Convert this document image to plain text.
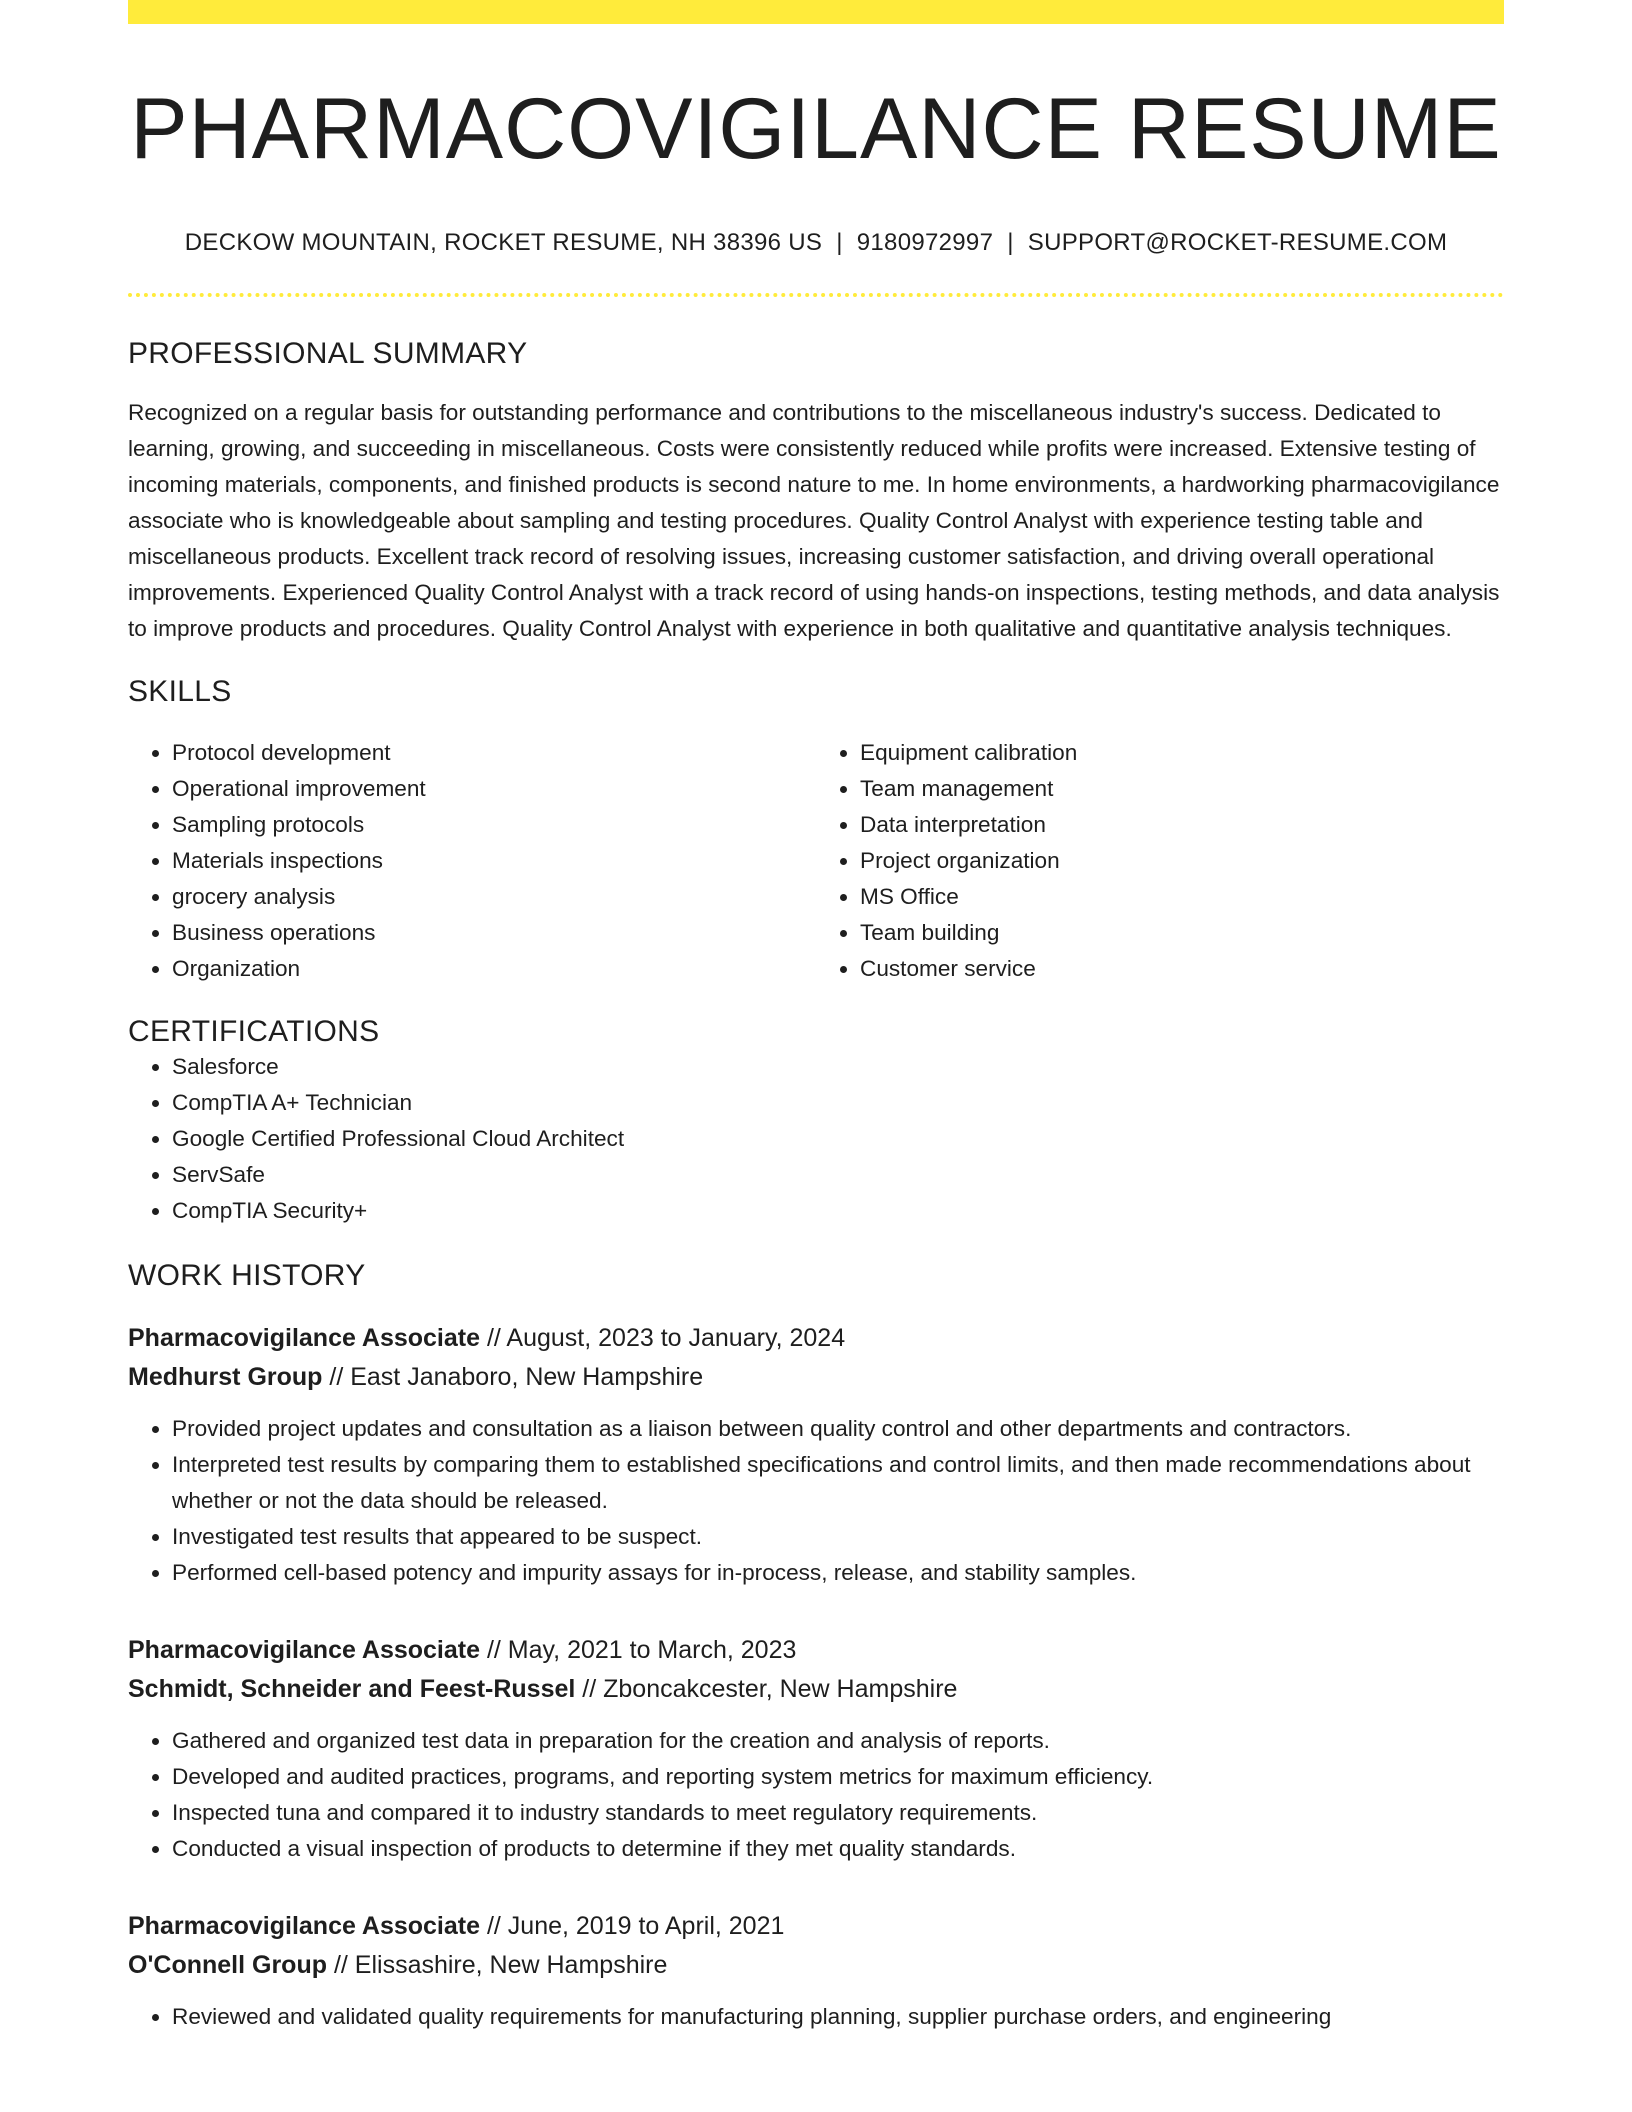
PHARMACOVIGILANCE RESUME
DECKOW MOUNTAIN, ROCKET RESUME, NH 38396 US | 9180972997 | SUPPORT@ROCKET-RESUME.COM
PROFESSIONAL SUMMARY

Recognized on a regular basis for outstanding performance and contributions to the miscellaneous industry's success. Dedicated to learning, growing, and succeeding in miscellaneous. Costs were consistently reduced while profits were increased. Extensive testing of incoming materials, components, and finished products is second nature to me. In home environments, a hardworking pharmacovigilance associate who is knowledgeable about sampling and testing procedures. Quality Control Analyst with experience testing table and miscellaneous products. Excellent track record of resolving issues, increasing customer satisfaction, and driving overall operational improvements. Experienced Quality Control Analyst with a track record of using hands-on inspections, testing methods, and data analysis to improve products and procedures. Quality Control Analyst with experience in both qualitative and quantitative analysis techniques.

SKILLS
• Protocol development
• Operational improvement
• Sampling protocols
• Materials inspections
• grocery analysis
• Business operations
• Organization
• Equipment calibration
• Team management
• Data interpretation
• Project organization
• MS Office
• Team building
• Customer service
CERTIFICATIONS
• Salesforce
• CompTIA A+ Technician
• Google Certified Professional Cloud Architect
• ServSafe
• CompTIA Security+
WORK HISTORY
Pharmacovigilance Associate // August, 2023 to January, 2024
Medhurst Group // East Janaboro, New Hampshire
• Provided project updates and consultation as a liaison between quality control and other departments and contractors.
• Interpreted test results by comparing them to established specifications and control limits, and then made recommendations about whether or not the data should be released.
• Investigated test results that appeared to be suspect.
• Performed cell-based potency and impurity assays for in-process, release, and stability samples.
Pharmacovigilance Associate // May, 2021 to March, 2023
Schmidt, Schneider and Feest-Russel // Zboncakcester, New Hampshire
• Gathered and organized test data in preparation for the creation and analysis of reports.
• Developed and audited practices, programs, and reporting system metrics for maximum efficiency.
• Inspected tuna and compared it to industry standards to meet regulatory requirements.
• Conducted a visual inspection of products to determine if they met quality standards.
Pharmacovigilance Associate // June, 2019 to April, 2021
O'Connell Group // Elissashire, New Hampshire
• Reviewed and validated quality requirements for manufacturing planning, supplier purchase orders, and engineering
